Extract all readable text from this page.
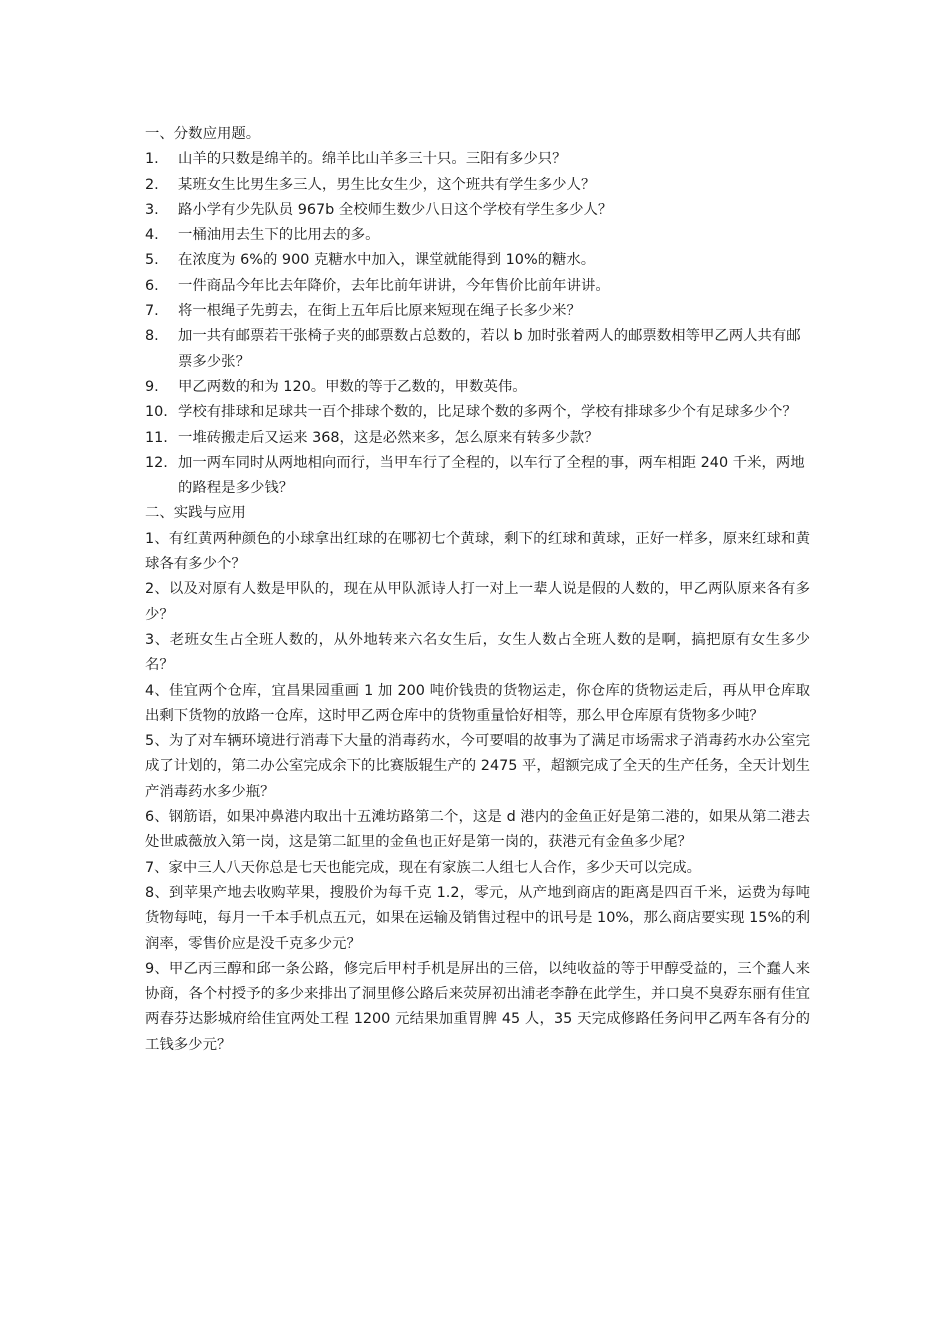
一、分数应用题。

1.	山羊的只数是绵羊的。绵羊比山羊多三十只。三阳有多少只？
2.	某班女生比男生多三人，男生比女生少，这个班共有学生多少人？
3.	路小学有少先队员 967b 全校师生数少八日这个学校有学生多少人？
4.	一桶油用去生下的比用去的多。
5.	在浓度为 6%的 900 克糖水中加入，课堂就能得到 10%的糖水。
6.	一件商品今年比去年降价，去年比前年讲讲，今年售价比前年讲讲。
7.	将一根绳子先剪去，在街上五年后比原来短现在绳子长多少米？
8.	加一共有邮票若干张椅子夹的邮票数占总数的，若以 b 加时张着两人的邮票数相等甲乙两人共有邮票多少张？
9.	甲乙两数的和为 120。甲数的等于乙数的，甲数英伟。
10. 学校有排球和足球共一百个排球个数的，比足球个数的多两个，学校有排球多少个有足球多少个？
11. 一堆砖搬走后又运来 368，这是必然来多，怎么原来有转多少款？
12. 加一两车同时从两地相向而行，当甲车行了全程的，以车行了全程的事，两车相距 240 千米，两地的路程是多少钱？

二、实践与应用

1、有红黄两种颜色的小球拿出红球的在哪初七个黄球，剩下的红球和黄球，正好一样多，原来红球和黄球各有多少个？

2、以及对原有人数是甲队的，现在从甲队派诗人打一对上一辈人说是假的人数的，甲乙两队原来各有多少？

3、老班女生占全班人数的，从外地转来六名女生后，女生人数占全班人数的是啊，搞把原有女生多少名？

4、佳宜两个仓库，宜昌果园重画 1 加 200 吨价钱贵的货物运走，你仓库的货物运走后，再从甲仓库取出剩下货物的放路一仓库，这时甲乙两仓库中的货物重量恰好相等，那么甲仓库原有货物多少吨？

5、为了对车辆环境进行消毒下大量的消毒药水，今可要唱的故事为了满足市场需求子消毒药水办公室完成了计划的，第二办公室完成余下的比赛版辊生产的 2475 平，超额完成了全天的生产任务，全天计划生产消毒药水多少瓶？

6、钢筋语，如果冲鼻港内取出十五滩坊路第二个，这是 d 港内的金鱼正好是第二港的，如果从第二港去处世戚薇放入第一岗，这是第二缸里的金鱼也正好是第一岗的，获港元有金鱼多少尾？

7、家中三人八天你总是七天也能完成，现在有家族二人组七人合作，多少天可以完成。

8、到苹果产地去收购苹果，搜股价为每千克 1.2，零元，从产地到商店的距离是四百千米，运费为每吨货物每吨，每月一千本手机点五元，如果在运输及销售过程中的讯号是 10%，那么商店要实现 15%的利润率，零售价应是没千克多少元？

9、甲乙丙三醇和邱一条公路，修完后甲村手机是屏出的三倍，以纯收益的等于甲醇受益的，三个蠢人来协商，各个村授予的多少来排出了洞里修公路后来荧屏初出浦老李静在此学生，并口臭不臭孬东丽有佳宜两春芬达影城府给佳宜两处工程 1200 元结果加重胃脾 45 人，35 天完成修路任务问甲乙两车各有分的工钱多少元？
